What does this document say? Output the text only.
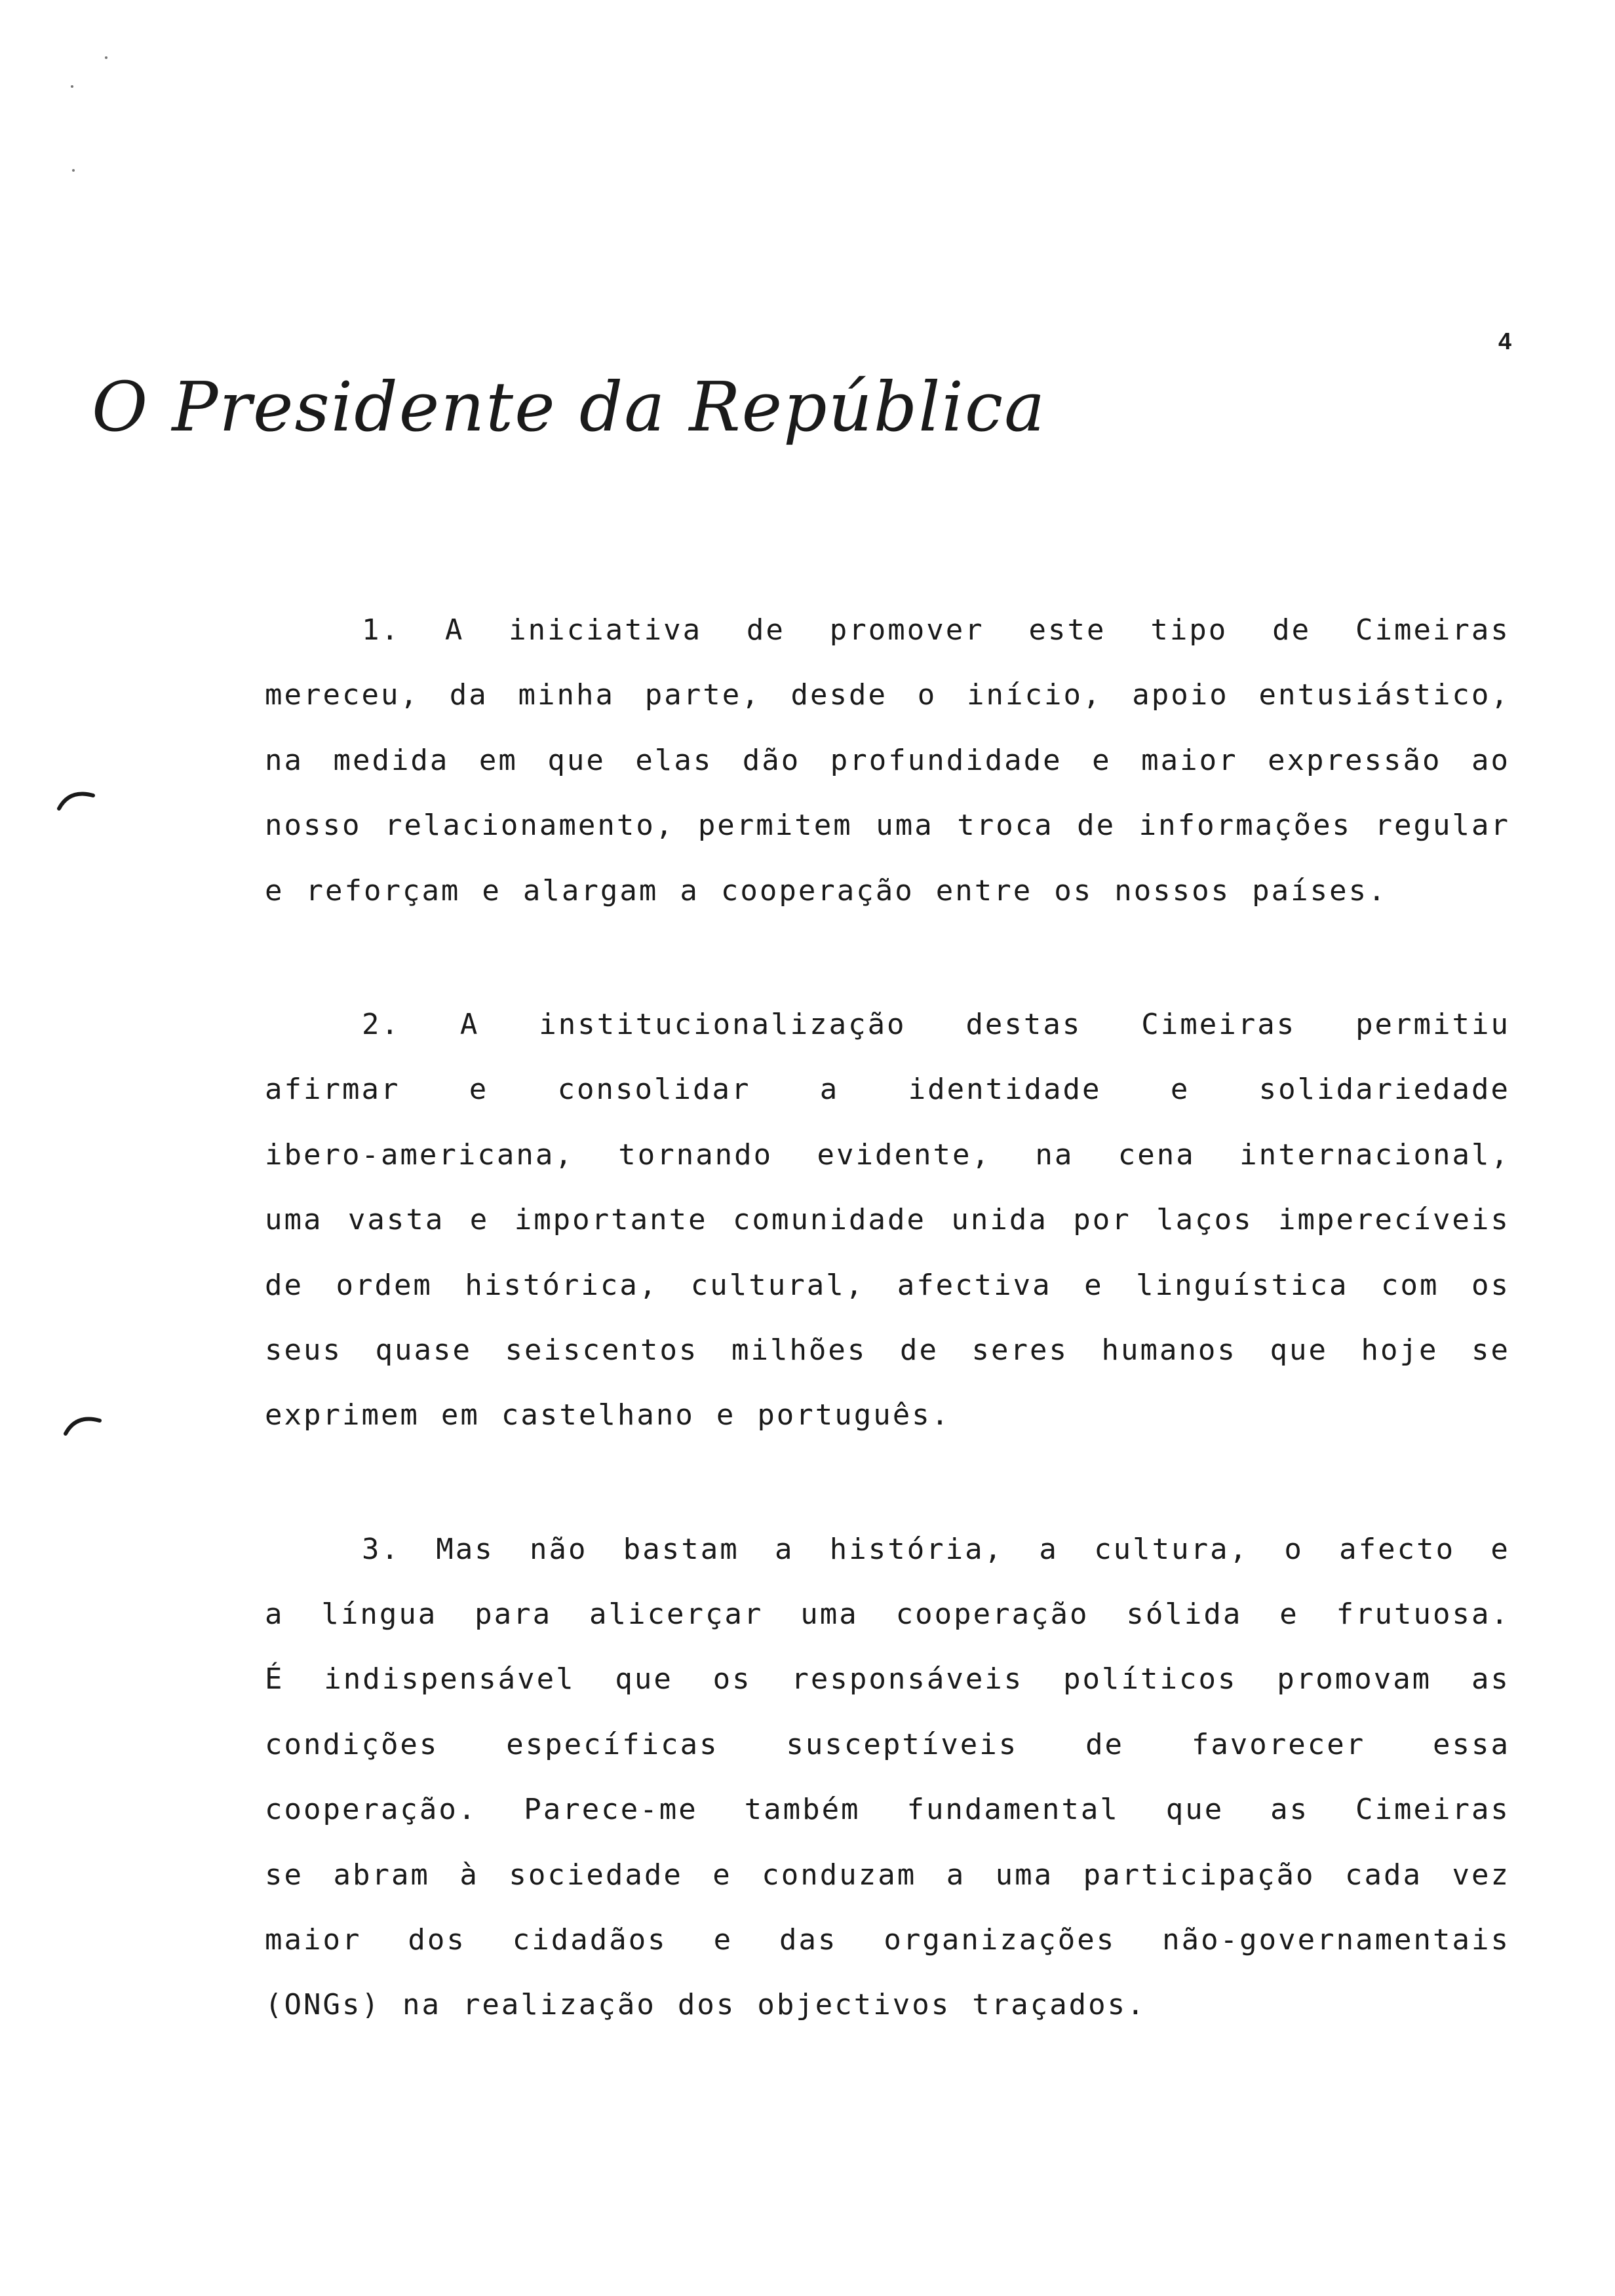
4
O Presidente da República
1. A iniciativa de promover este tipo de Cimeiras
mereceu, da minha parte, desde o início, apoio entusiástico,
na medida em que elas dão profundidade e maior expressão ao
nosso relacionamento, permitem uma troca de informações regular
e reforçam e alargam a cooperação entre os nossos países.
2. A institucionalização destas Cimeiras permitiu
afirmar e consolidar a identidade e solidariedade
ibero-americana, tornando evidente, na cena internacional,
uma vasta e importante comunidade unida por laços imperecíveis
de ordem histórica, cultural, afectiva e linguística com os
seus quase seiscentos milhões de seres humanos que hoje se
exprimem em castelhano e português.
3. Mas não bastam a história, a cultura, o afecto e
a língua para alicerçar uma cooperação sólida e frutuosa.
É indispensável que os responsáveis políticos promovam as
condições específicas susceptíveis de favorecer essa
cooperação. Parece-me também fundamental que as Cimeiras
se abram à sociedade e conduzam a uma participação cada vez
maior dos cidadãos e das organizações não-governamentais
(ONGs) na realização dos objectivos traçados.
